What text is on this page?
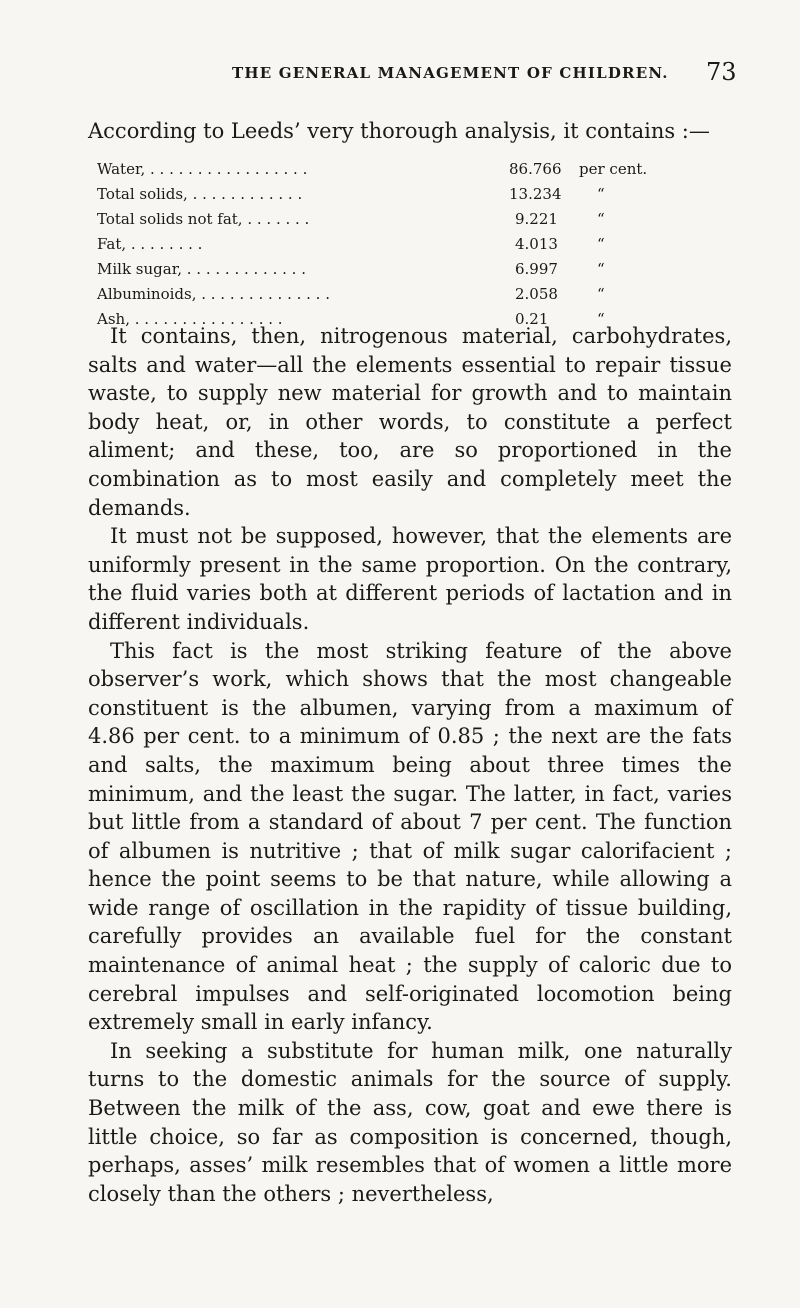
THE GENERAL MANAGEMENT OF CHILDREN. 73
According to Leeds’ very thorough analysis, it contains :—
Water, . . . . . . . . . . . . . . . . .	86.766 per cent.
Total solids, . . . . . . . . . . . .	13.234 “
Total solids not fat, . . . . . . .	9.221	“
Fat, . . . . . . . .	4.013	“
Milk sugar, . . . . . . . . . . . . .	6.997	“
Albuminoids, . . . . . . . . . . . . . .	2.058	“
Ash, . . . . . . . . . . . . . . . .	0.21	“

It contains, then, nitrogenous material, carbohydrates, salts and water—all the elements essential to repair tissue waste, to supply new material for growth and to maintain body heat, or, in other words, to constitute a perfect aliment; and these, too, are so proportioned in the combination as to most easily and completely meet the demands.

It must not be supposed, however, that the elements are uniformly present in the same proportion. On the contrary, the fluid varies both at different periods of lactation and in different individuals.

This fact is the most striking feature of the above observer’s work, which shows that the most changeable constituent is the albumen, varying from a maximum of 4.86 per cent. to a minimum of 0.85 ; the next are the fats and salts, the maximum being about three times the minimum, and the least the sugar. The latter, in fact, varies but little from a standard of about 7 per cent. The function of albumen is nutritive ; that of milk sugar calorifacient ; hence the point seems to be that nature, while allowing a wide range of oscillation in the rapidity of tissue building, carefully provides an available fuel for the constant maintenance of animal heat ; the supply of caloric due to cerebral impulses and self-originated locomotion being extremely small in early infancy.

In seeking a substitute for human milk, one naturally turns to the domestic animals for the source of supply. Between the milk of the ass, cow, goat and ewe there is little choice, so far as composition is concerned, though, perhaps, asses’ milk resembles that of women a little more closely than the others ; nevertheless,
